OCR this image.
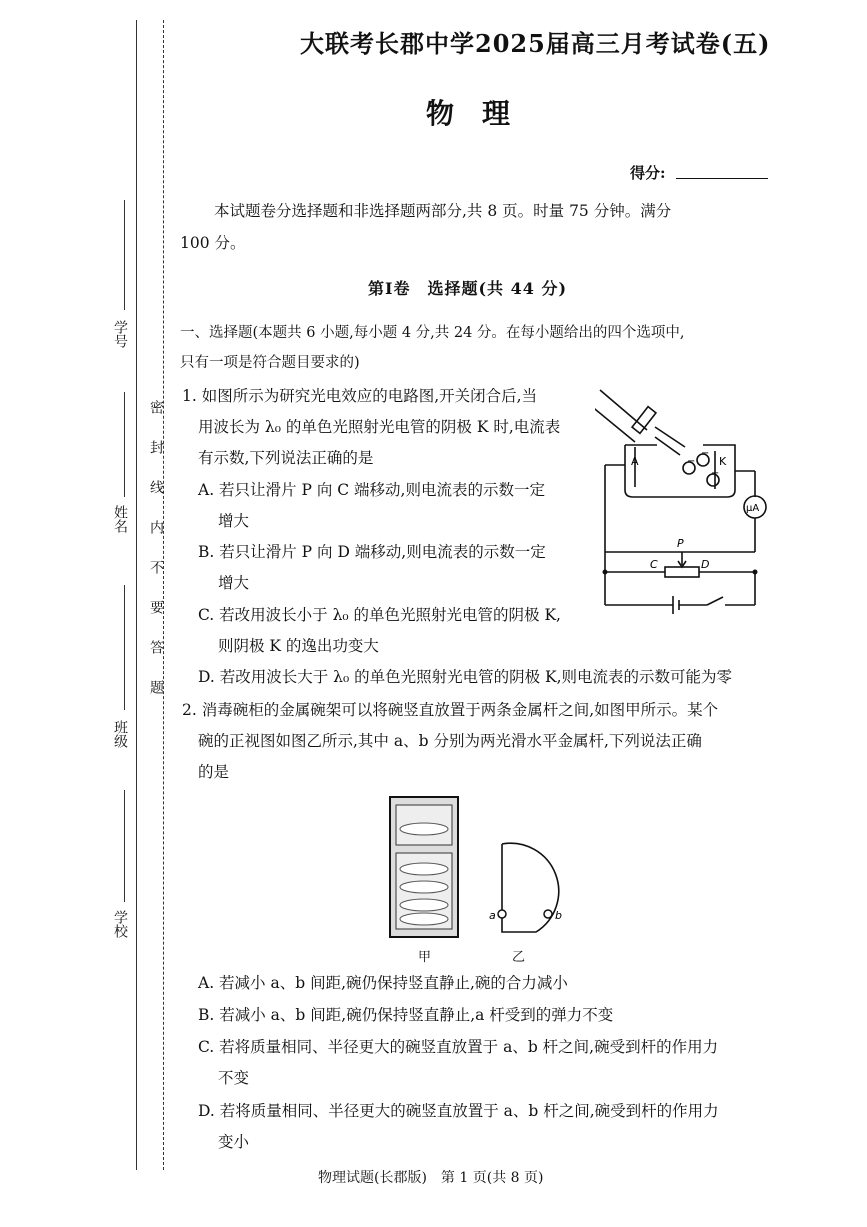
学号
姓名
班级
学校
密封线内不要答题
大联考长郡中学2025届高三月考试卷(五)
物理
得分:
本试题卷分选择题和非选择题两部分,共 8 页。时量 75 分钟。满分
100 分。
第Ⅰ卷　选择题(共 44 分)
一、选择题(本题共 6 小题,每小题 4 分,共 24 分。在每小题给出的四个选项中,
只有一项是符合题目要求的)
1. 如图所示为研究光电效应的电路图,开关闭合后,当
用波长为 λ₀ 的单色光照射光电管的阴极 K 时,电流表
有示数,下列说法正确的是
A. 若只让滑片 P 向 C 端移动,则电流表的示数一定
增大
B. 若只让滑片 P 向 D 端移动,则电流表的示数一定
增大
C. 若改用波长小于 λ₀ 的单色光照射光电管的阴极 K,
则阴极 K 的逸出功变大
D. 若改用波长大于 λ₀ 的单色光照射光电管的阴极 K,则电流表的示数可能为零
A	K
μA
P
C	D
−
−
−
2. 消毒碗柜的金属碗架可以将碗竖直放置于两条金属杆之间,如图甲所示。某个
碗的正视图如图乙所示,其中 a、b 分别为两光滑水平金属杆,下列说法正确
的是
甲
a	b
乙
A. 若减小 a、b 间距,碗仍保持竖直静止,碗的合力减小
B. 若减小 a、b 间距,碗仍保持竖直静止,a 杆受到的弹力不变
C. 若将质量相同、半径更大的碗竖直放置于 a、b 杆之间,碗受到杆的作用力
不变
D. 若将质量相同、半径更大的碗竖直放置于 a、b 杆之间,碗受到杆的作用力
变小
物理试题(长郡版)　第 1 页(共 8 页)
